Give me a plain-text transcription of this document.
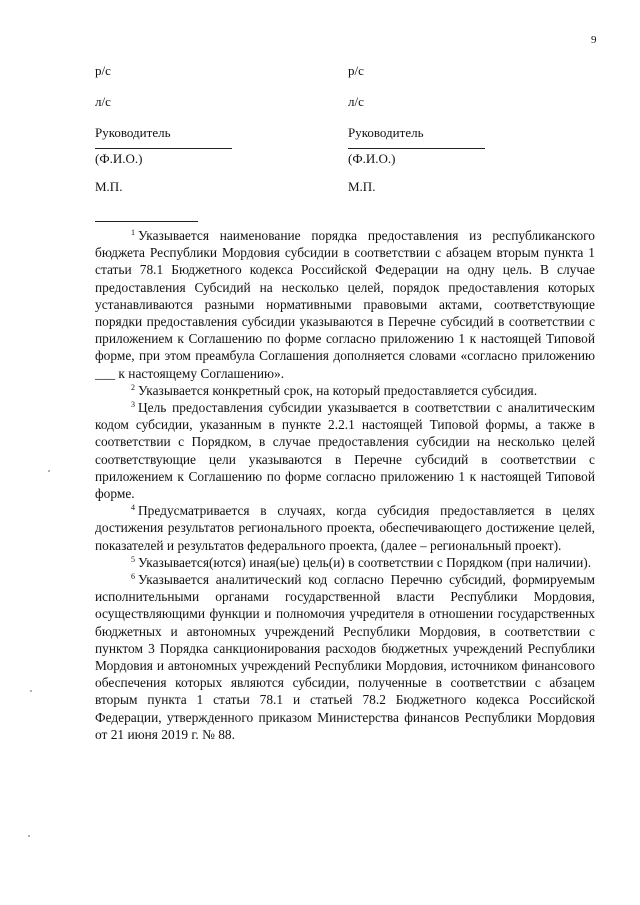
9
р/с
л/с
Руководитель
(Ф.И.О.)
М.П.
р/с
л/с
Руководитель
(Ф.И.О.)
М.П.

$^1$ Указывается наименование порядка предоставления из республиканского бюджета Республики Мордовия субсидии в соответствии с абзацем вторым пункта 1 статьи 78.1 Бюджетного кодекса Российской Федерации на одну цель. В случае предоставления Субсидий на несколько целей, порядок предоставления которых устанавливаются разными нормативными правовыми актами, соответствующие порядки предоставления субсидии указываются в Перечне субсидий в соответствии с приложением к Соглашению по форме согласно приложению 1 к настоящей Типовой форме, при этом преамбула Соглашения дополняется словами «согласно приложению ___ к настоящему Соглашению».

$^2$ Указывается конкретный срок, на который предоставляется субсидия.

$^3$ Цель предоставления субсидии указывается в соответствии с аналитическим кодом субсидии, указанным в пункте 2.2.1 настоящей Типовой формы, а также в соответствии с Порядком, в случае предоставления субсидии на несколько целей соответствующие цели указываются в Перечне субсидий в соответствии с приложением к Соглашению по форме согласно приложению 1 к настоящей Типовой форме.

$^4$ Предусматривается в случаях, когда субсидия предоставляется в целях достижения результатов регионального проекта, обеспечивающего достижение целей, показателей и результатов федерального проекта, (далее – региональный проект).

$^5$ Указывается(ются) иная(ые) цель(и) в соответствии с Порядком (при наличии).

$^6$ Указывается аналитический код согласно Перечню субсидий, формируемым исполнительными органами государственной власти Республики Мордовия, осуществляющими функции и полномочия учредителя в отношении государственных бюджетных и автономных учреждений Республики Мордовия, в соответствии с пунктом 3 Порядка санкционирования расходов бюджетных учреждений Республики Мордовия и автономных учреждений Республики Мордовия, источником финансового обеспечения которых являются субсидии, полученные в соответствии с абзацем вторым пункта 1 статьи 78.1 и статьей 78.2 Бюджетного кодекса Российской Федерации, утвержденного приказом Министерства финансов Республики Мордовия от 21 июня 2019 г. № 88.
